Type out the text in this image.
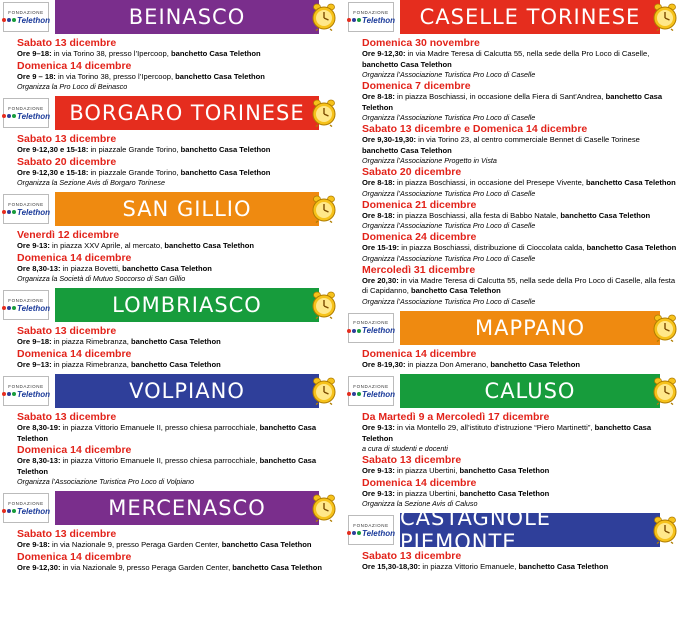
FONDAZIONE
Telethon	BEINASCO
Sabato 13 dicembre
Ore 9–18: in via Torino 38, presso l’Ipercoop, banchetto Casa Telethon
Domenica 14 dicembre
Ore 9 – 18: in via Torino 38, presso l’Ipercoop, banchetto Casa Telethon
Organizza la Pro Loco di Beinasco
FONDAZIONE
Telethon BORGARO TORINESE
Sabato 13 dicembre
Ore 9-12,30 e 15-18: in piazzale Grande Torino, banchetto Casa Telethon
Sabato 20 dicembre
Ore 9-12,30 e 15-18: in piazzale Grande Torino, banchetto Casa Telethon
Organizza la Sezione Avis di Borgaro Torinese
FONDAZIONE
Telethon	SAN GILLIO
Venerdì 12 dicembre
Ore 9-13: in piazza XXV Aprile, al mercato, banchetto Casa Telethon
Domenica 14 dicembre
Ore 8,30-13: in piazza Bovetti, banchetto Casa Telethon
Organizza la Società di Mutuo Soccorso di San Gillio
FONDAZIONE
Telethon	LOMBRIASCO
Sabato 13 dicembre
Ore 9–18: in piazza Rimebranza, banchetto Casa Telethon
Domenica 14 dicembre
Ore 9–13: in piazza Rimebranza, banchetto Casa Telethon
FONDAZIONE
Telethon	VOLPIANO
Sabato 13 dicembre
Ore 8,30-19: in piazza Vittorio Emanuele II, presso chiesa parrocchiale, banchetto Casa Telethon
Domenica 14 dicembre
Ore 8,30-13: in piazza Vittorio Emanuele II, presso chiesa parrocchiale, banchetto Casa Telethon
Organizza l’Associazione Turistica Pro Loco di Volpiano
FONDAZIONE
Telethon	MERCENASCO
Sabato 13 dicembre
Ore 9-18: in via Nazionale 9, presso Peraga Garden Center, banchetto Casa Telethon
Domenica 14 dicembre
Ore 9-12,30: in via Nazionale 9, presso Peraga Garden Center, banchetto Casa Telethon
FONDAZIONE
Telethon	CASELLE TORINESE
Domenica 30 novembre
Ore 9-12,30: in via Madre Teresa di Calcutta 55, nella sede della Pro Loco di Caselle, banchetto Casa Telethon
Organizza l’Associazione Turistica Pro Loco di Caselle
Domenica 7 dicembre
Ore 8-18: in piazza Boschiassi, in occasione della Fiera di Sant’Andrea, banchetto Casa Telethon
Organizza l’Associazione Turistica Pro Loco di Caselle
Sabato 13 dicembre e Domenica 14 dicembre
Ore 9,30-19,30: in via Torino 23, al centro commerciale Bennet di Caselle Torinese banchetto Casa Telethon
Organizza l’Associazione Progetto in Vista
Sabato 20 dicembre
Ore 8-18: in piazza Boschiassi, in occasione del Presepe Vivente, banchetto Casa Telethon
Organizza l’Associazione Turistica Pro Loco di Caselle
Domenica 21 dicembre
Ore 8-18: in piazza Boschiassi, alla festa di Babbo Natale, banchetto Casa Telethon
Organizza l’Associazione Turistica Pro Loco di Caselle
Domenica 24 dicembre
Ore 15-19: in piazza Boschiassi, distribuzione di Cioccolata calda, banchetto Casa Telethon
Organizza l’Associazione Turistica Pro Loco di Caselle
Mercoledì 31 dicembre
Ore 20,30: in via Madre Teresa di Calcutta 55, nella sede della Pro Loco di Caselle, alla festa di Capidanno, banchetto Casa Telethon
Organizza l’Associazione Turistica Pro Loco di Caselle
FONDAZIONE
Telethon	MAPPANO
Domenica 14 dicembre
Ore 8-19,30: in piazza Don Amerano, banchetto Casa Telethon
FONDAZIONE
Telethon	CALUSO
Da Martedì 9 a Mercoledì 17 dicembre
Ore 9-13: in via Montello 29, all’istituto d’istruzione “Piero Martinetti”, banchetto Casa Telethon
a cura di studenti e docenti
Sabato 13 dicembre
Ore 9-13: in piazza Ubertini, banchetto Casa Telethon
Domenica 14 dicembre
Ore 9-13: in piazza Ubertini, banchetto Casa Telethon
Organizza la Sezione Avis di Caluso
FONDAZIONE
Telethon
CASTAGNOLE PIEMONTE
Sabato 13 dicembre
Ore 15,30-18,30: in piazza Vittorio Emanuele, banchetto Casa Telethon
